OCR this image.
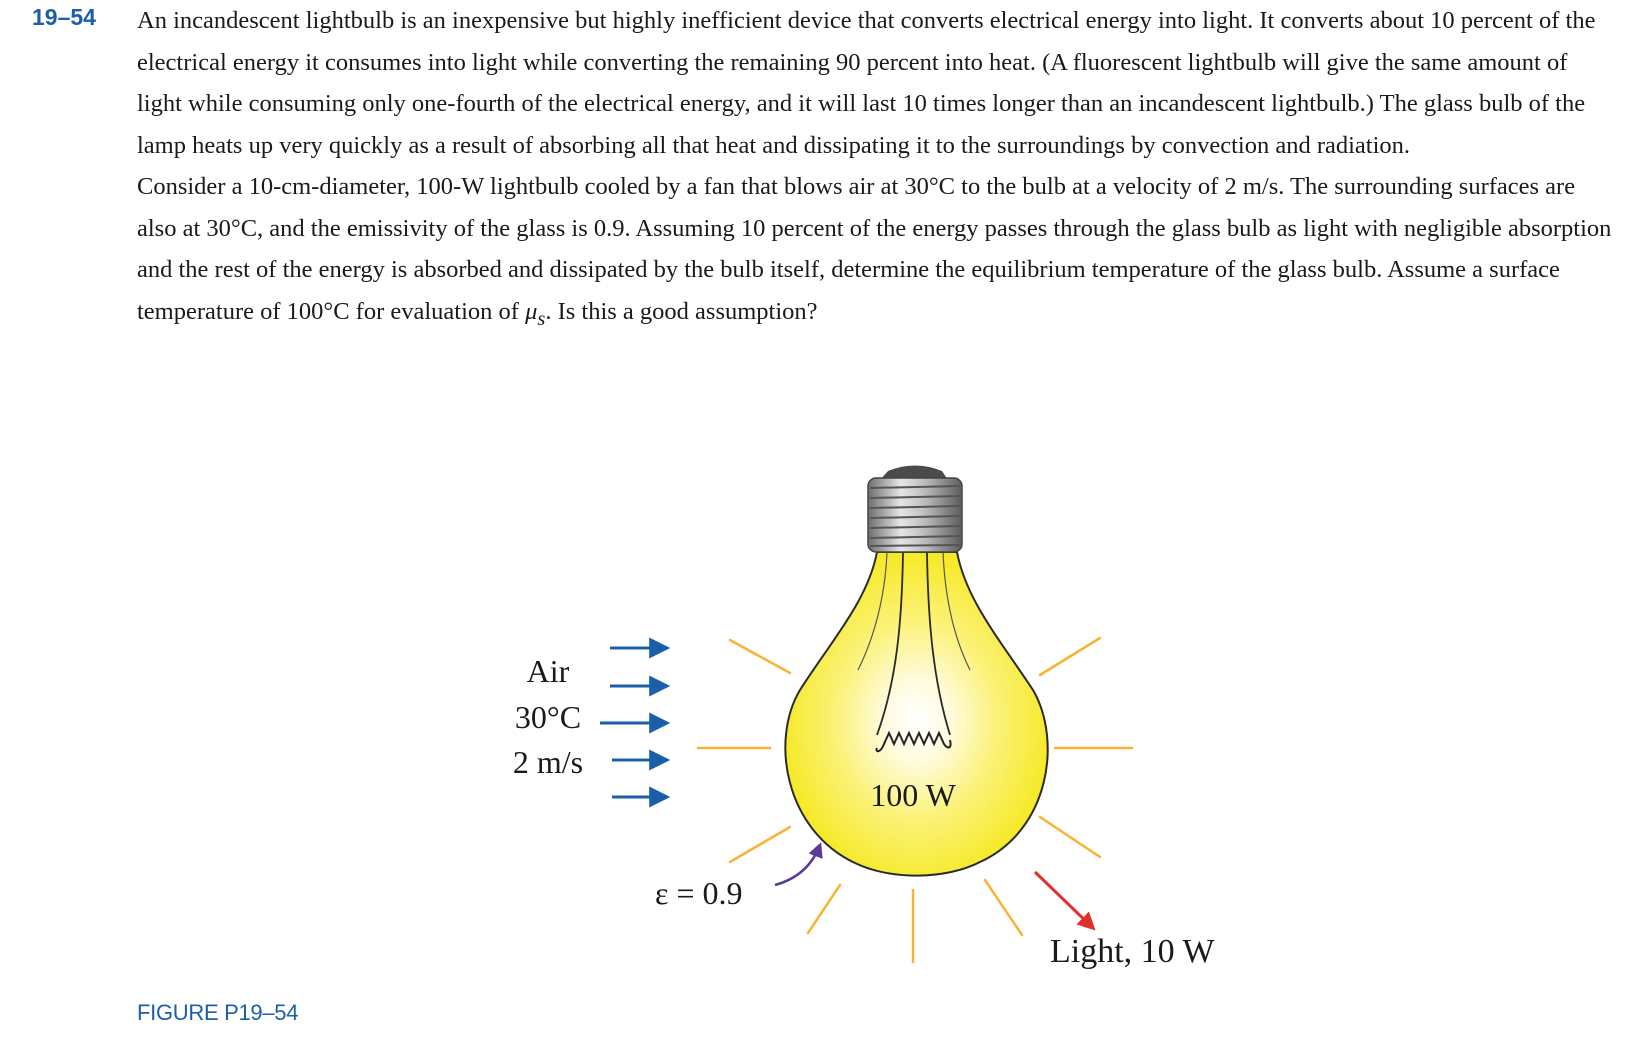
19–54 An incandescent lightbulb is an inexpensive but highly inefficient device that converts electrical energy into light. It converts about 10 percent of the electrical energy it consumes into light while converting the remaining 90 percent into heat. (A fluorescent lightbulb will give the same amount of light while consuming only one-fourth of the electrical energy, and it will last 10 times longer than an incandescent lightbulb.) The glass bulb of the lamp heats up very quickly as a result of absorbing all that heat and dissipating it to the surroundings by convection and radiation.

Consider a 10-cm-diameter, 100-W lightbulb cooled by a fan that blows air at 30°C to the bulb at a velocity of 2 m/s. The surrounding surfaces are also at 30°C, and the emissivity of the glass is 0.9. Assuming 10 percent of the energy passes through the glass bulb as light with negligible absorption and the rest of the energy is absorbed and dissipated by the bulb itself, determine the equilibrium temperature of the glass bulb. Assume a surface temperature of 100°C for evaluation of $\mu_s$. Is this a good assumption?

Air
30°C
2 m/s
100 W
ε = 0.9
Light, 10 W
FIGURE P19–54
